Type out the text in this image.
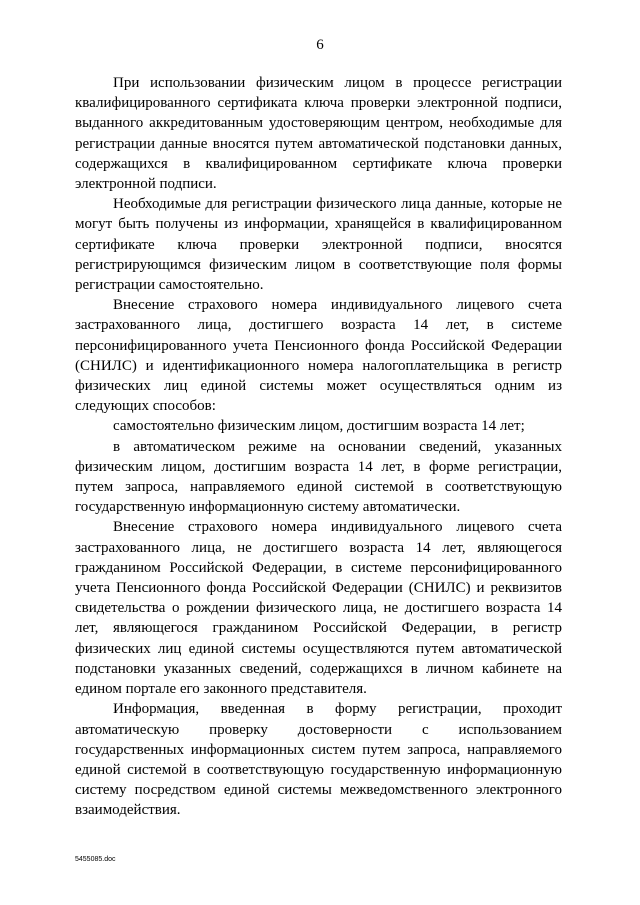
6

При использовании физическим лицом в процессе регистрации квалифицированного сертификата ключа проверки электронной подписи, выданного аккредитованным удостоверяющим центром, необходимые для регистрации данные вносятся путем автоматической подстановки данных, содержащихся в квалифицированном сертификате ключа проверки электронной подписи.

Необходимые для регистрации физического лица данные, которые не могут быть получены из информации, хранящейся в квалифицированном сертификате ключа проверки электронной подписи, вносятся регистрирующимся физическим лицом в соответствующие поля формы регистрации самостоятельно.

Внесение страхового номера индивидуального лицевого счета застрахованного лица, достигшего возраста 14 лет, в системе персонифицированного учета Пенсионного фонда Российской Федерации (СНИЛС) и идентификационного номера налогоплательщика в регистр физических лиц единой системы может осуществляться одним из следующих способов:

самостоятельно физическим лицом, достигшим возраста 14 лет;

в автоматическом режиме на основании сведений, указанных физическим лицом, достигшим возраста 14 лет, в форме регистрации, путем запроса, направляемого единой системой в соответствующую государственную информационную систему автоматически.

Внесение страхового номера индивидуального лицевого счета застрахованного лица, не достигшего возраста 14 лет, являющегося гражданином Российской Федерации, в системе персонифицированного учета Пенсионного фонда Российской Федерации (СНИЛС) и реквизитов свидетельства о рождении физического лица, не достигшего возраста 14 лет, являющегося гражданином Российской Федерации, в регистр физических лиц единой системы осуществляются путем автоматической подстановки указанных сведений, содержащихся в личном кабинете на едином портале его законного представителя.

Информация, введенная в форму регистрации, проходит автоматическую проверку достоверности с использованием государственных информационных систем путем запроса, направляемого единой системой в соответствующую государственную информационную систему посредством единой системы межведомственного электронного взаимодействия.

5455085.doc
